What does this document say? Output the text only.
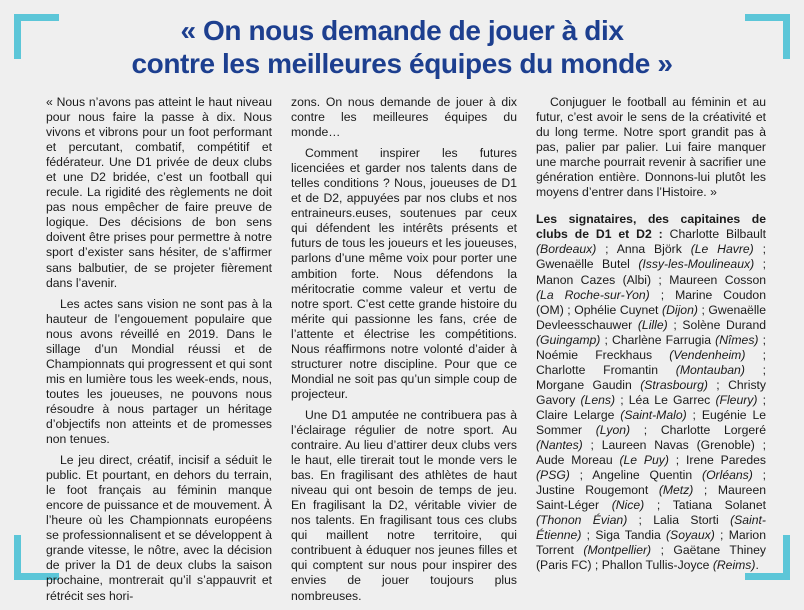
« On nous demande de jouer à dix
contre les meilleures équipes du monde »

« Nous n’avons pas atteint le haut niveau pour nous faire la passe à dix. Nous vivons et vibrons pour un foot performant et percutant, combatif, compétitif et fédérateur. Une D1 privée de deux clubs et une D2 bridée, c’est un football qui recule. La rigidité des règlements ne doit pas nous empêcher de faire preuve de logique. Des décisions de bon sens doivent être prises pour permettre à notre sport d’exister sans hésiter, de s’affirmer sans balbutier, de se projeter fièrement dans l’avenir.

Les actes sans vision ne sont pas à la hauteur de l’engouement populaire que nous avons réveillé en 2019. Dans le sillage d’un Mondial réussi et de Championnats qui progressent et qui sont mis en lumière tous les week-ends, nous, toutes les joueuses, ne pouvons nous résoudre à nous partager un héritage d’objectifs non atteints et de promesses non tenues.

Le jeu direct, créatif, incisif a séduit le public. Et pourtant, en dehors du terrain, le foot français au féminin manque encore de puissance et de mouvement. À l’heure où les Championnats européens se professionnalisent et se développent à grande vitesse, le nôtre, avec la décision de priver la D1 de deux clubs la saison prochaine, montrerait qu’il s’appauvrit et rétrécit ses hori-

zons. On nous demande de jouer à dix contre les meilleures équipes du monde…

Comment inspirer les futures licenciées et garder nos talents dans de telles conditions ? Nous, joueuses de D1 et de D2, appuyées par nos clubs et nos entraineurs.euses, soutenues par ceux qui défendent les intérêts présents et futurs de tous les joueurs et les joueuses, parlons d’une même voix pour porter une ambition forte. Nous défendons la méritocratie comme valeur et vertu de notre sport. C’est cette grande histoire du mérite qui passionne les fans, crée de l’attente et électrise les compétitions. Nous réaffirmons notre volonté d’aider à structurer notre discipline. Pour que ce Mondial ne soit pas qu’un simple coup de projecteur.

Une D1 amputée ne contribuera pas à l’éclairage régulier de notre sport. Au contraire. Au lieu d’attirer deux clubs vers le haut, elle tirerait tout le monde vers le bas. En fragilisant des athlètes de haut niveau qui ont besoin de temps de jeu. En fragilisant la D2, véritable vivier de nos talents. En fragilisant tous ces clubs qui maillent notre territoire, qui contribuent à éduquer nos jeunes filles et qui comptent sur nous pour inspirer des envies de jouer toujours plus nombreuses.

Conjuguer le football au féminin et au futur, c’est avoir le sens de la créativité et du long terme. Notre sport grandit pas à pas, palier par palier. Lui faire manquer une marche pourrait revenir à sacrifier une génération entière. Donnons-lui plutôt les moyens d’entrer dans l’Histoire. »

Les signataires, des capitaines de clubs de D1 et D2 : Charlotte Bilbault (Bordeaux) ; Anna Björk (Le Havre) ; Gwenaëlle Butel (Issy-les-Moulineaux) ; Manon Cazes (Albi) ; Maureen Cosson (La Roche-sur-Yon) ; Marine Coudon (OM) ; Ophélie Cuynet (Dijon) ; Gwenaëlle Devleesschauwer (Lille) ; Solène Durand (Guingamp) ; Charlène Farrugia (Nîmes) ; Noémie Freckhaus (Vendenheim) ; Charlotte Fromantin (Montauban) ; Morgane Gaudin (Strasbourg) ; Christy Gavory (Lens) ; Léa Le Garrec (Fleury) ; Claire Lelarge (Saint-Malo) ; Eugénie Le Sommer (Lyon) ; Charlotte Lorgeré (Nantes) ; Laureen Navas (Grenoble) ; Aude Moreau (Le Puy) ; Irene Paredes (PSG) ; Angeline Quentin (Orléans) ; Justine Rougemont (Metz) ; Maureen Saint-Léger (Nice) ; Tatiana Solanet (Thonon Évian) ; Lalia Storti (Saint-Étienne) ; Siga Tandia (Soyaux) ; Marion Torrent (Montpellier) ; Gaëtane Thiney (Paris FC) ; Phallon Tullis-Joyce (Reims).
